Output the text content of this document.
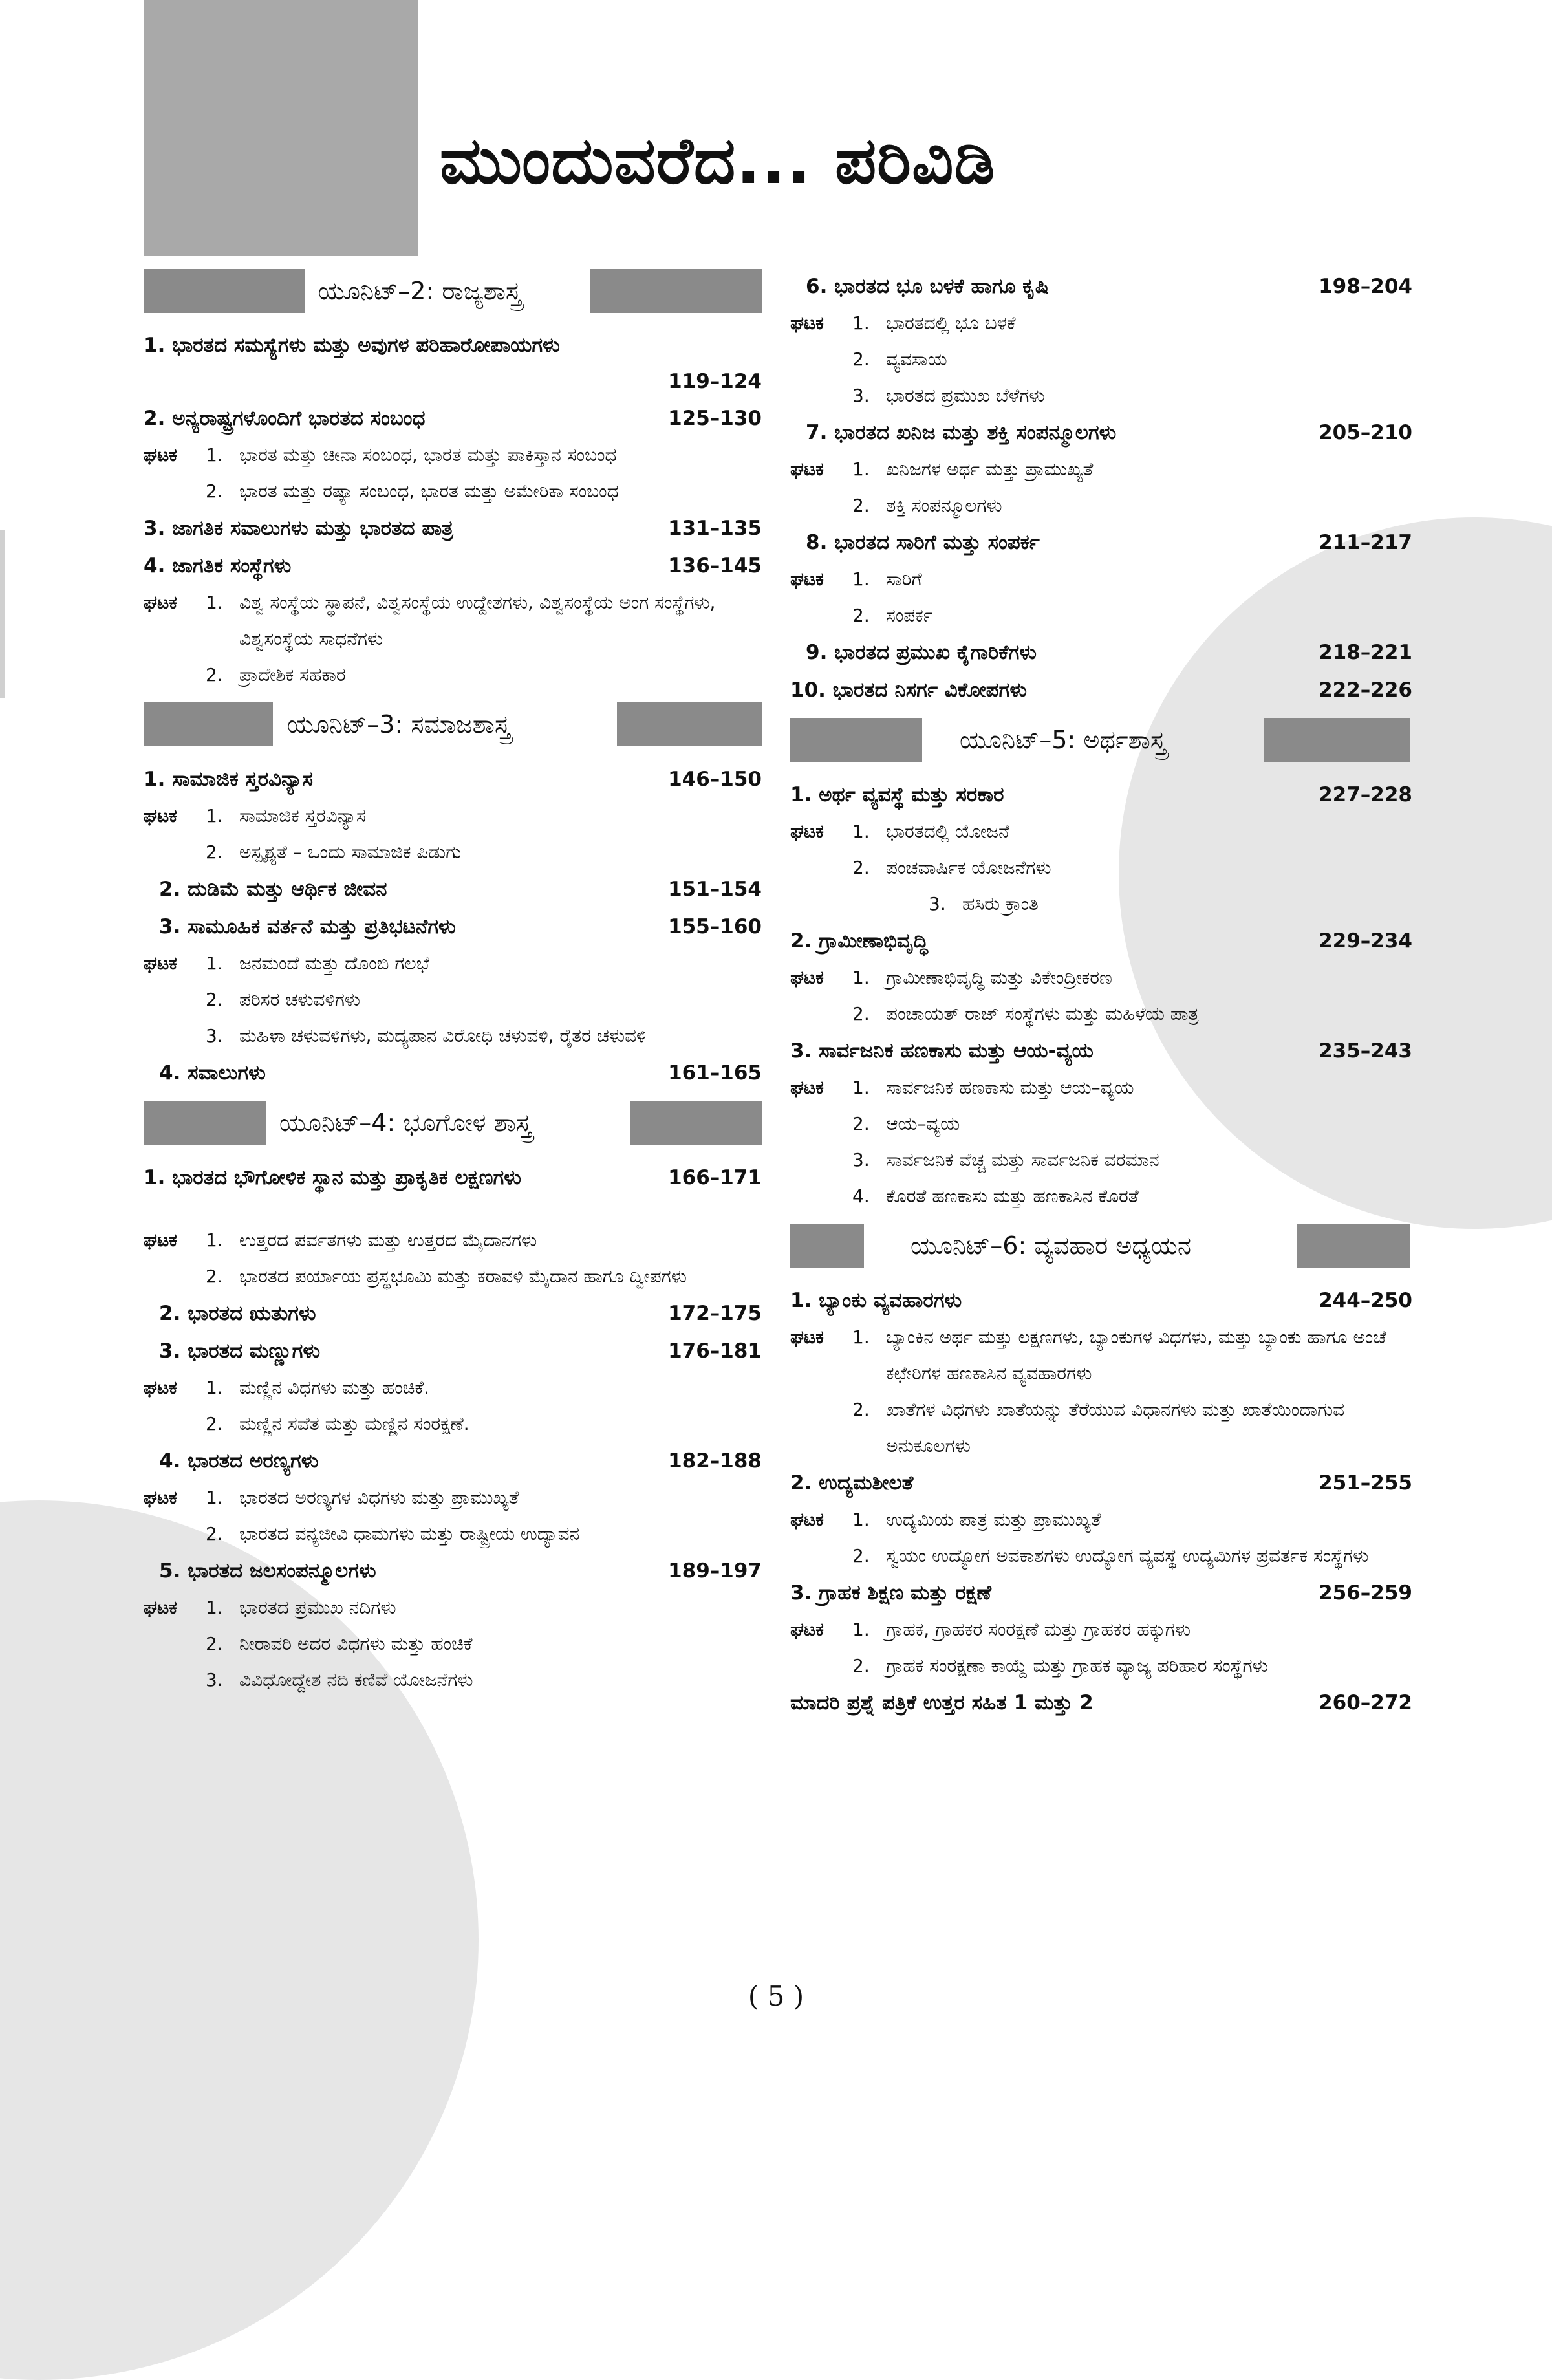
ಮುಂದುವರೆದ... ಪರಿವಿಡಿ
ಯೂನಿಟ್–2: ರಾಜ್ಯಶಾಸ್ತ್ರ
1. ಭಾರತದ ಸಮಸ್ಯೆಗಳು ಮತ್ತು ಅವುಗಳ ಪರಿಹಾರೋಪಾಯಗಳು
119–124
2. ಅನ್ಯರಾಷ್ಟ್ರಗಳೊಂದಿಗೆ ಭಾರತದ ಸಂಬಂಧ	125–130
ಘಟಕ	1. ಭಾರತ ಮತ್ತು ಚೀನಾ ಸಂಬಂಧ, ಭಾರತ ಮತ್ತು ಪಾಕಿಸ್ತಾನ ಸಂಬಂಧ
2. ಭಾರತ ಮತ್ತು ರಷ್ಯಾ ಸಂಬಂಧ, ಭಾರತ ಮತ್ತು ಅಮೇರಿಕಾ ಸಂಬಂಧ
3. ಜಾಗತಿಕ ಸವಾಲುಗಳು ಮತ್ತು ಭಾರತದ ಪಾತ್ರ	131–135
4. ಜಾಗತಿಕ ಸಂಸ್ಥೆಗಳು	136–145
ಘಟಕ	1. ವಿಶ್ವ ಸಂಸ್ಥೆಯ ಸ್ಥಾಪನೆ, ವಿಶ್ವಸಂಸ್ಥೆಯ ಉದ್ದೇಶಗಳು, ವಿಶ್ವಸಂಸ್ಥೆಯ ಅಂಗ ಸಂಸ್ಥೆಗಳು, ವಿಶ್ವಸಂಸ್ಥೆಯ ಸಾಧನೆಗಳು
2. ಪ್ರಾದೇಶಿಕ ಸಹಕಾರ
ಯೂನಿಟ್–3: ಸಮಾಜಶಾಸ್ತ್ರ
1. ಸಾಮಾಜಿಕ ಸ್ತರವಿನ್ಯಾಸ	146–150
ಘಟಕ	1. ಸಾಮಾಜಿಕ ಸ್ತರವಿನ್ಯಾಸ
2. ಅಸ್ಪೃಶ್ಯತೆ – ಒಂದು ಸಾಮಾಜಿಕ ಪಿಡುಗು
2. ದುಡಿಮೆ ಮತ್ತು ಆರ್ಥಿಕ ಜೀವನ	151–154
3. ಸಾಮೂಹಿಕ ವರ್ತನೆ ಮತ್ತು ಪ್ರತಿಭಟನೆಗಳು	155–160
ಘಟಕ	1. ಜನಮಂದೆ ಮತ್ತು ದೊಂಬಿ ಗಲಭೆ
2. ಪರಿಸರ ಚಳುವಳಿಗಳು
3. ಮಹಿಳಾ ಚಳುವಳಿಗಳು, ಮದ್ಯಪಾನ ವಿರೋಧಿ ಚಳುವಳಿ, ರೈತರ ಚಳುವಳಿ
4. ಸವಾಲುಗಳು	161–165
ಯೂನಿಟ್–4: ಭೂಗೋಳ ಶಾಸ್ತ್ರ
1. ಭಾರತದ ಭೌಗೋಳಿಕ ಸ್ಥಾನ ಮತ್ತು ಪ್ರಾಕೃತಿಕ ಲಕ್ಷಣಗಳು	166–171
ಘಟಕ	1. ಉತ್ತರದ ಪರ್ವತಗಳು ಮತ್ತು ಉತ್ತರದ ಮೈದಾನಗಳು
2. ಭಾರತದ ಪರ್ಯಾಯ ಪ್ರಸ್ಥಭೂಮಿ ಮತ್ತು ಕರಾವಳಿ ಮೈದಾನ ಹಾಗೂ ದ್ವೀಪಗಳು
2. ಭಾರತದ ಋತುಗಳು	172–175
3. ಭಾರತದ ಮಣ್ಣುಗಳು	176–181
ಘಟಕ	1. ಮಣ್ಣಿನ ವಿಧಗಳು ಮತ್ತು ಹಂಚಿಕೆ.
2. ಮಣ್ಣಿನ ಸವೆತ ಮತ್ತು ಮಣ್ಣಿನ ಸಂರಕ್ಷಣೆ.
4. ಭಾರತದ ಅರಣ್ಯಗಳು	182–188
ಘಟಕ	1. ಭಾರತದ ಅರಣ್ಯಗಳ ವಿಧಗಳು ಮತ್ತು ಪ್ರಾಮುಖ್ಯತೆ
2. ಭಾರತದ ವನ್ಯಜೀವಿ ಧಾಮಗಳು ಮತ್ತು ರಾಷ್ಟ್ರೀಯ ಉದ್ಯಾವನ
5. ಭಾರತದ ಜಲಸಂಪನ್ಮೂಲಗಳು	189–197
ಘಟಕ	1. ಭಾರತದ ಪ್ರಮುಖ ನದಿಗಳು
2. ನೀರಾವರಿ ಅದರ ವಿಧಗಳು ಮತ್ತು ಹಂಚಿಕೆ
3. ವಿವಿಧೋದ್ದೇಶ ನದಿ ಕಣಿವೆ ಯೋಜನೆಗಳು
6. ಭಾರತದ ಭೂ ಬಳಕೆ ಹಾಗೂ ಕೃಷಿ	198–204
ಘಟಕ	1. ಭಾರತದಲ್ಲಿ ಭೂ ಬಳಕೆ
2. ವ್ಯವಸಾಯ
3. ಭಾರತದ ಪ್ರಮುಖ ಬೆಳೆಗಳು
7. ಭಾರತದ ಖನಿಜ ಮತ್ತು ಶಕ್ತಿ ಸಂಪನ್ಮೂಲಗಳು	205–210
ಘಟಕ	1. ಖನಿಜಗಳ ಅರ್ಥ ಮತ್ತು ಪ್ರಾಮುಖ್ಯತೆ
2. ಶಕ್ತಿ ಸಂಪನ್ಮೂಲಗಳು
8. ಭಾರತದ ಸಾರಿಗೆ ಮತ್ತು ಸಂಪರ್ಕ	211–217
ಘಟಕ	1. ಸಾರಿಗೆ
2. ಸಂಪರ್ಕ
9. ಭಾರತದ ಪ್ರಮುಖ ಕೈಗಾರಿಕೆಗಳು	218–221
10. ಭಾರತದ ನಿಸರ್ಗ ವಿಕೋಪಗಳು	222–226
ಯೂನಿಟ್–5: ಅರ್ಥಶಾಸ್ತ್ರ
1. ಅರ್ಥ ವ್ಯವಸ್ಥೆ ಮತ್ತು ಸರಕಾರ	227–228
ಘಟಕ	1. ಭಾರತದಲ್ಲಿ ಯೋಜನೆ
2. ಪಂಚವಾರ್ಷಿಕ ಯೋಜನೆಗಳು
3. ಹಸಿರು ಕ್ರಾಂತಿ
2. ಗ್ರಾಮೀಣಾಭಿವೃದ್ಧಿ	229–234
ಘಟಕ	1. ಗ್ರಾಮೀಣಾಭಿವೃದ್ಧಿ ಮತ್ತು ವಿಕೇಂದ್ರೀಕರಣ
2. ಪಂಚಾಯತ್ ರಾಜ್ ಸಂಸ್ಥೆಗಳು ಮತ್ತು ಮಹಿಳೆಯ ಪಾತ್ರ
3. ಸಾರ್ವಜನಿಕ ಹಣಕಾಸು ಮತ್ತು ಆಯ-ವ್ಯಯ	235–243
ಘಟಕ	1. ಸಾರ್ವಜನಿಕ ಹಣಕಾಸು ಮತ್ತು ಆಯ–ವ್ಯಯ
2. ಆಯ–ವ್ಯಯ
3. ಸಾರ್ವಜನಿಕ ವೆಚ್ಚ ಮತ್ತು ಸಾರ್ವಜನಿಕ ವರಮಾನ
4. ಕೊರತೆ ಹಣಕಾಸು ಮತ್ತು ಹಣಕಾಸಿನ ಕೊರತೆ
ಯೂನಿಟ್–6: ವ್ಯವಹಾರ ಅಧ್ಯಯನ
1. ಬ್ಯಾಂಕು ವ್ಯವಹಾರಗಳು	244–250
ಘಟಕ	1. ಬ್ಯಾಂಕಿನ ಅರ್ಥ ಮತ್ತು ಲಕ್ಷಣಗಳು, ಬ್ಯಾಂಕುಗಳ ವಿಧಗಳು, ಮತ್ತು ಬ್ಯಾಂಕು ಹಾಗೂ ಅಂಚೆ ಕಛೇರಿಗಳ ಹಣಕಾಸಿನ ವ್ಯವಹಾರಗಳು
2. ಖಾತೆಗಳ ವಿಧಗಳು ಖಾತೆಯನ್ನು ತೆರೆಯುವ ವಿಧಾನಗಳು ಮತ್ತು ಖಾತೆಯಿಂದಾಗುವ ಅನುಕೂಲಗಳು
2. ಉದ್ಯಮಶೀಲತೆ	251–255
ಘಟಕ	1. ಉದ್ಯಮಿಯ ಪಾತ್ರ ಮತ್ತು ಪ್ರಾಮುಖ್ಯತೆ
2. ಸ್ವಯಂ ಉದ್ಯೋಗ ಅವಕಾಶಗಳು ಉದ್ಯೋಗ ವ್ಯವಸ್ಥೆ ಉದ್ಯಮಿಗಳ ಪ್ರವರ್ತಕ ಸಂಸ್ಥೆಗಳು
3. ಗ್ರಾಹಕ ಶಿಕ್ಷಣ ಮತ್ತು ರಕ್ಷಣೆ	256–259
ಘಟಕ	1. ಗ್ರಾಹಕ, ಗ್ರಾಹಕರ ಸಂರಕ್ಷಣೆ ಮತ್ತು ಗ್ರಾಹಕರ ಹಕ್ಕುಗಳು
2. ಗ್ರಾಹಕ ಸಂರಕ್ಷಣಾ ಕಾಯ್ದೆ ಮತ್ತು ಗ್ರಾಹಕ ವ್ಯಾಜ್ಯ ಪರಿಹಾರ ಸಂಸ್ಥೆಗಳು
ಮಾದರಿ ಪ್ರಶ್ನೆ ಪತ್ರಿಕೆ ಉತ್ತರ ಸಹಿತ 1 ಮತ್ತು 2	260–272
( 5 )
